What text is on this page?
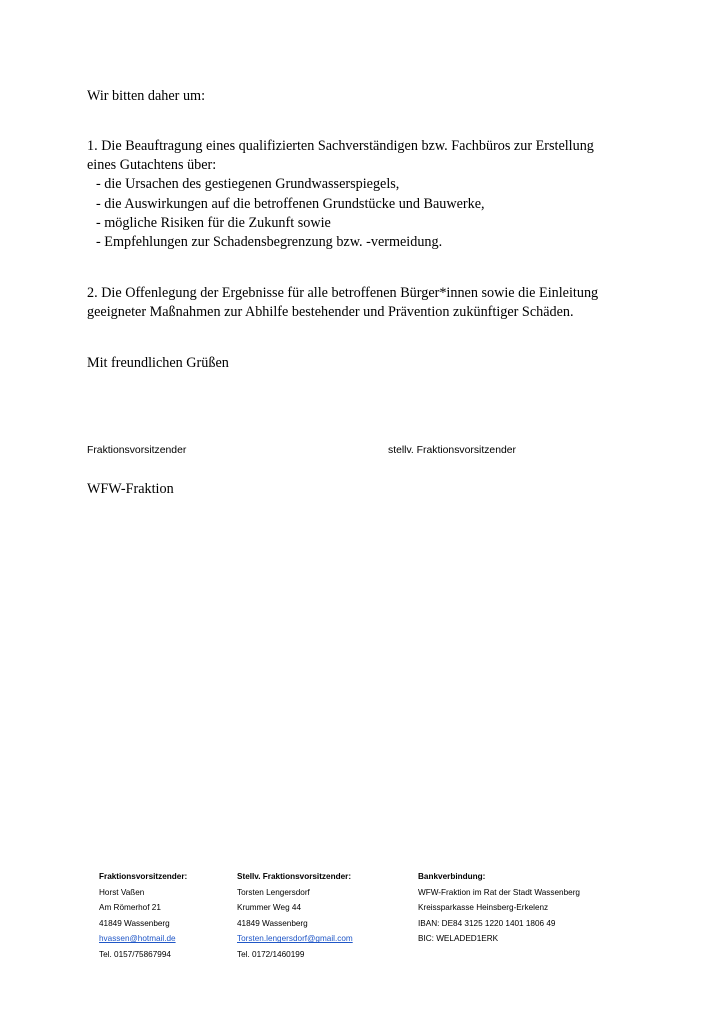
Wir bitten daher um:

1. Die Beauftragung eines qualifizierten Sachverständigen bzw. Fachbüros zur Erstellung

eines Gutachtens über:

- die Ursachen des gestiegenen Grundwasserspiegels,

- die Auswirkungen auf die betroffenen Grundstücke und Bauwerke,

- mögliche Risiken für die Zukunft sowie

- Empfehlungen zur Schadensbegrenzung bzw. -vermeidung.

2. Die Offenlegung der Ergebnisse für alle betroffenen Bürger*innen sowie die Einleitung

geeigneter Maßnahmen zur Abhilfe bestehender und Prävention zukünftiger Schäden.

Mit freundlichen Grüßen
Fraktionsvorsitzender	stellv. Fraktionsvorsitzender
WFW-Fraktion
Fraktionsvorsitzender:
Horst Vaßen
Am Römerhof 21
41849 Wassenberg
hvassen@hotmail.de
Tel. 0157/75867994
Stellv. Fraktionsvorsitzender:
Torsten Lengersdorf
Krummer Weg 44
41849 Wassenberg
Torsten.lengersdorf@gmail.com
Tel. 0172/1460199
Bankverbindung:
WFW-Fraktion im Rat der Stadt Wassenberg
Kreissparkasse Heinsberg-Erkelenz
IBAN: DE84 3125 1220 1401 1806 49
BIC: WELADED1ERK
